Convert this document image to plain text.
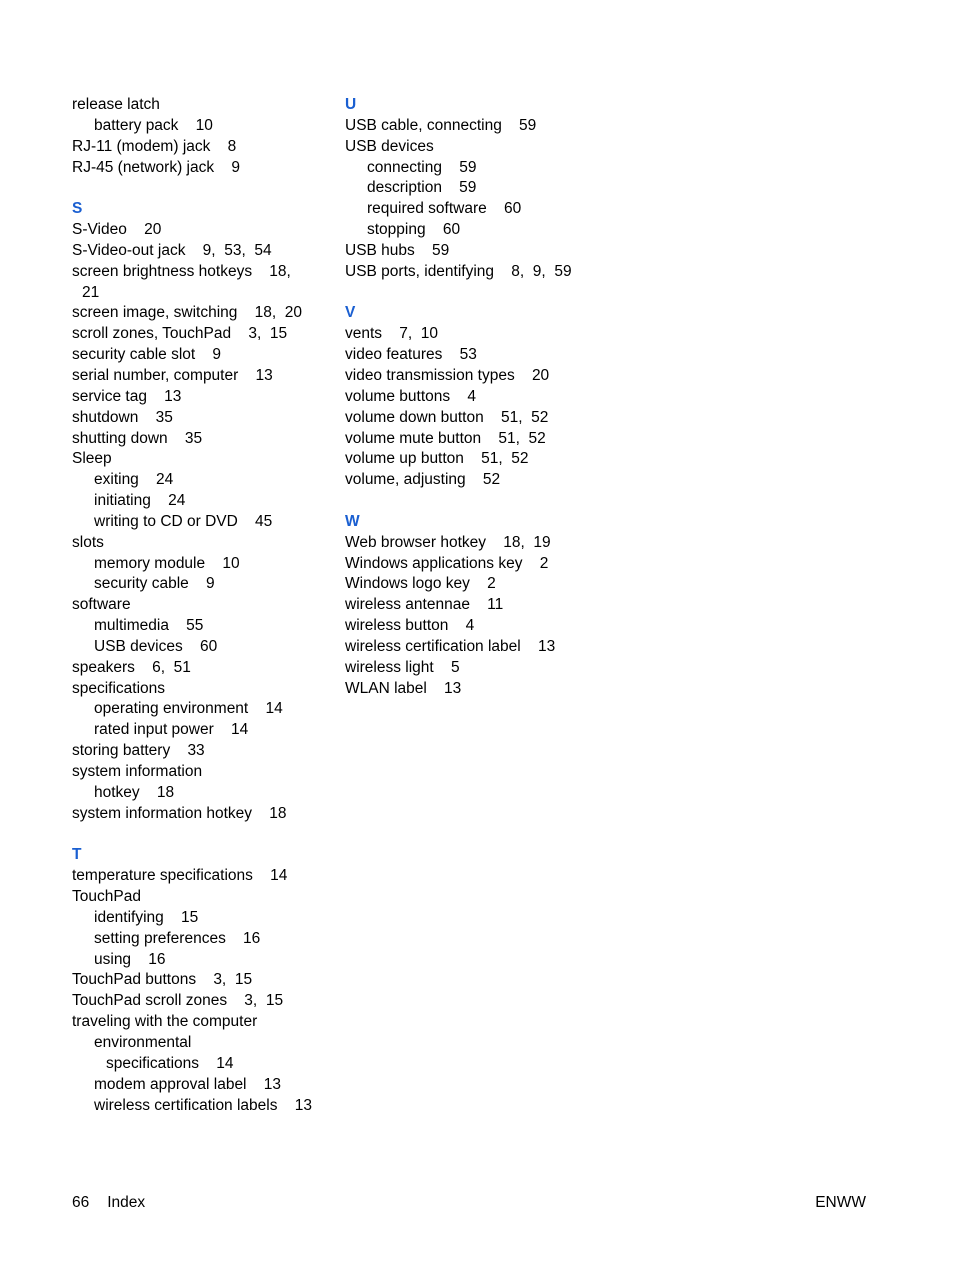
release latch
battery pack    10
RJ-11 (modem) jack    8
RJ-45 (network) jack    9
S
S-Video    20
S-Video-out jack    9,  53,  54
screen brightness hotkeys    18,
21
screen image, switching    18,  20
scroll zones, TouchPad    3,  15
security cable slot    9
serial number, computer    13
service tag    13
shutdown    35
shutting down    35
Sleep
exiting    24
initiating    24
writing to CD or DVD    45
slots
memory module    10
security cable    9
software
multimedia    55
USB devices    60
speakers    6,  51
specifications
operating environment    14
rated input power    14
storing battery    33
system information
hotkey    18
system information hotkey    18
T
temperature specifications    14
TouchPad
identifying    15
setting preferences    16
using    16
TouchPad buttons    3,  15
TouchPad scroll zones    3,  15
traveling with the computer
environmental
specifications    14
modem approval label    13
wireless certification labels    13
U
USB cable, connecting    59
USB devices
connecting    59
description    59
required software    60
stopping    60
USB hubs    59
USB ports, identifying    8,  9,  59
V
vents    7,  10
video features    53
video transmission types    20
volume buttons    4
volume down button    51,  52
volume mute button    51,  52
volume up button    51,  52
volume, adjusting    52
W
Web browser hotkey    18,  19
Windows applications key    2
Windows logo key    2
wireless antennae    11
wireless button    4
wireless certification label    13
wireless light    5
WLAN label    13
66 Index	ENWW
